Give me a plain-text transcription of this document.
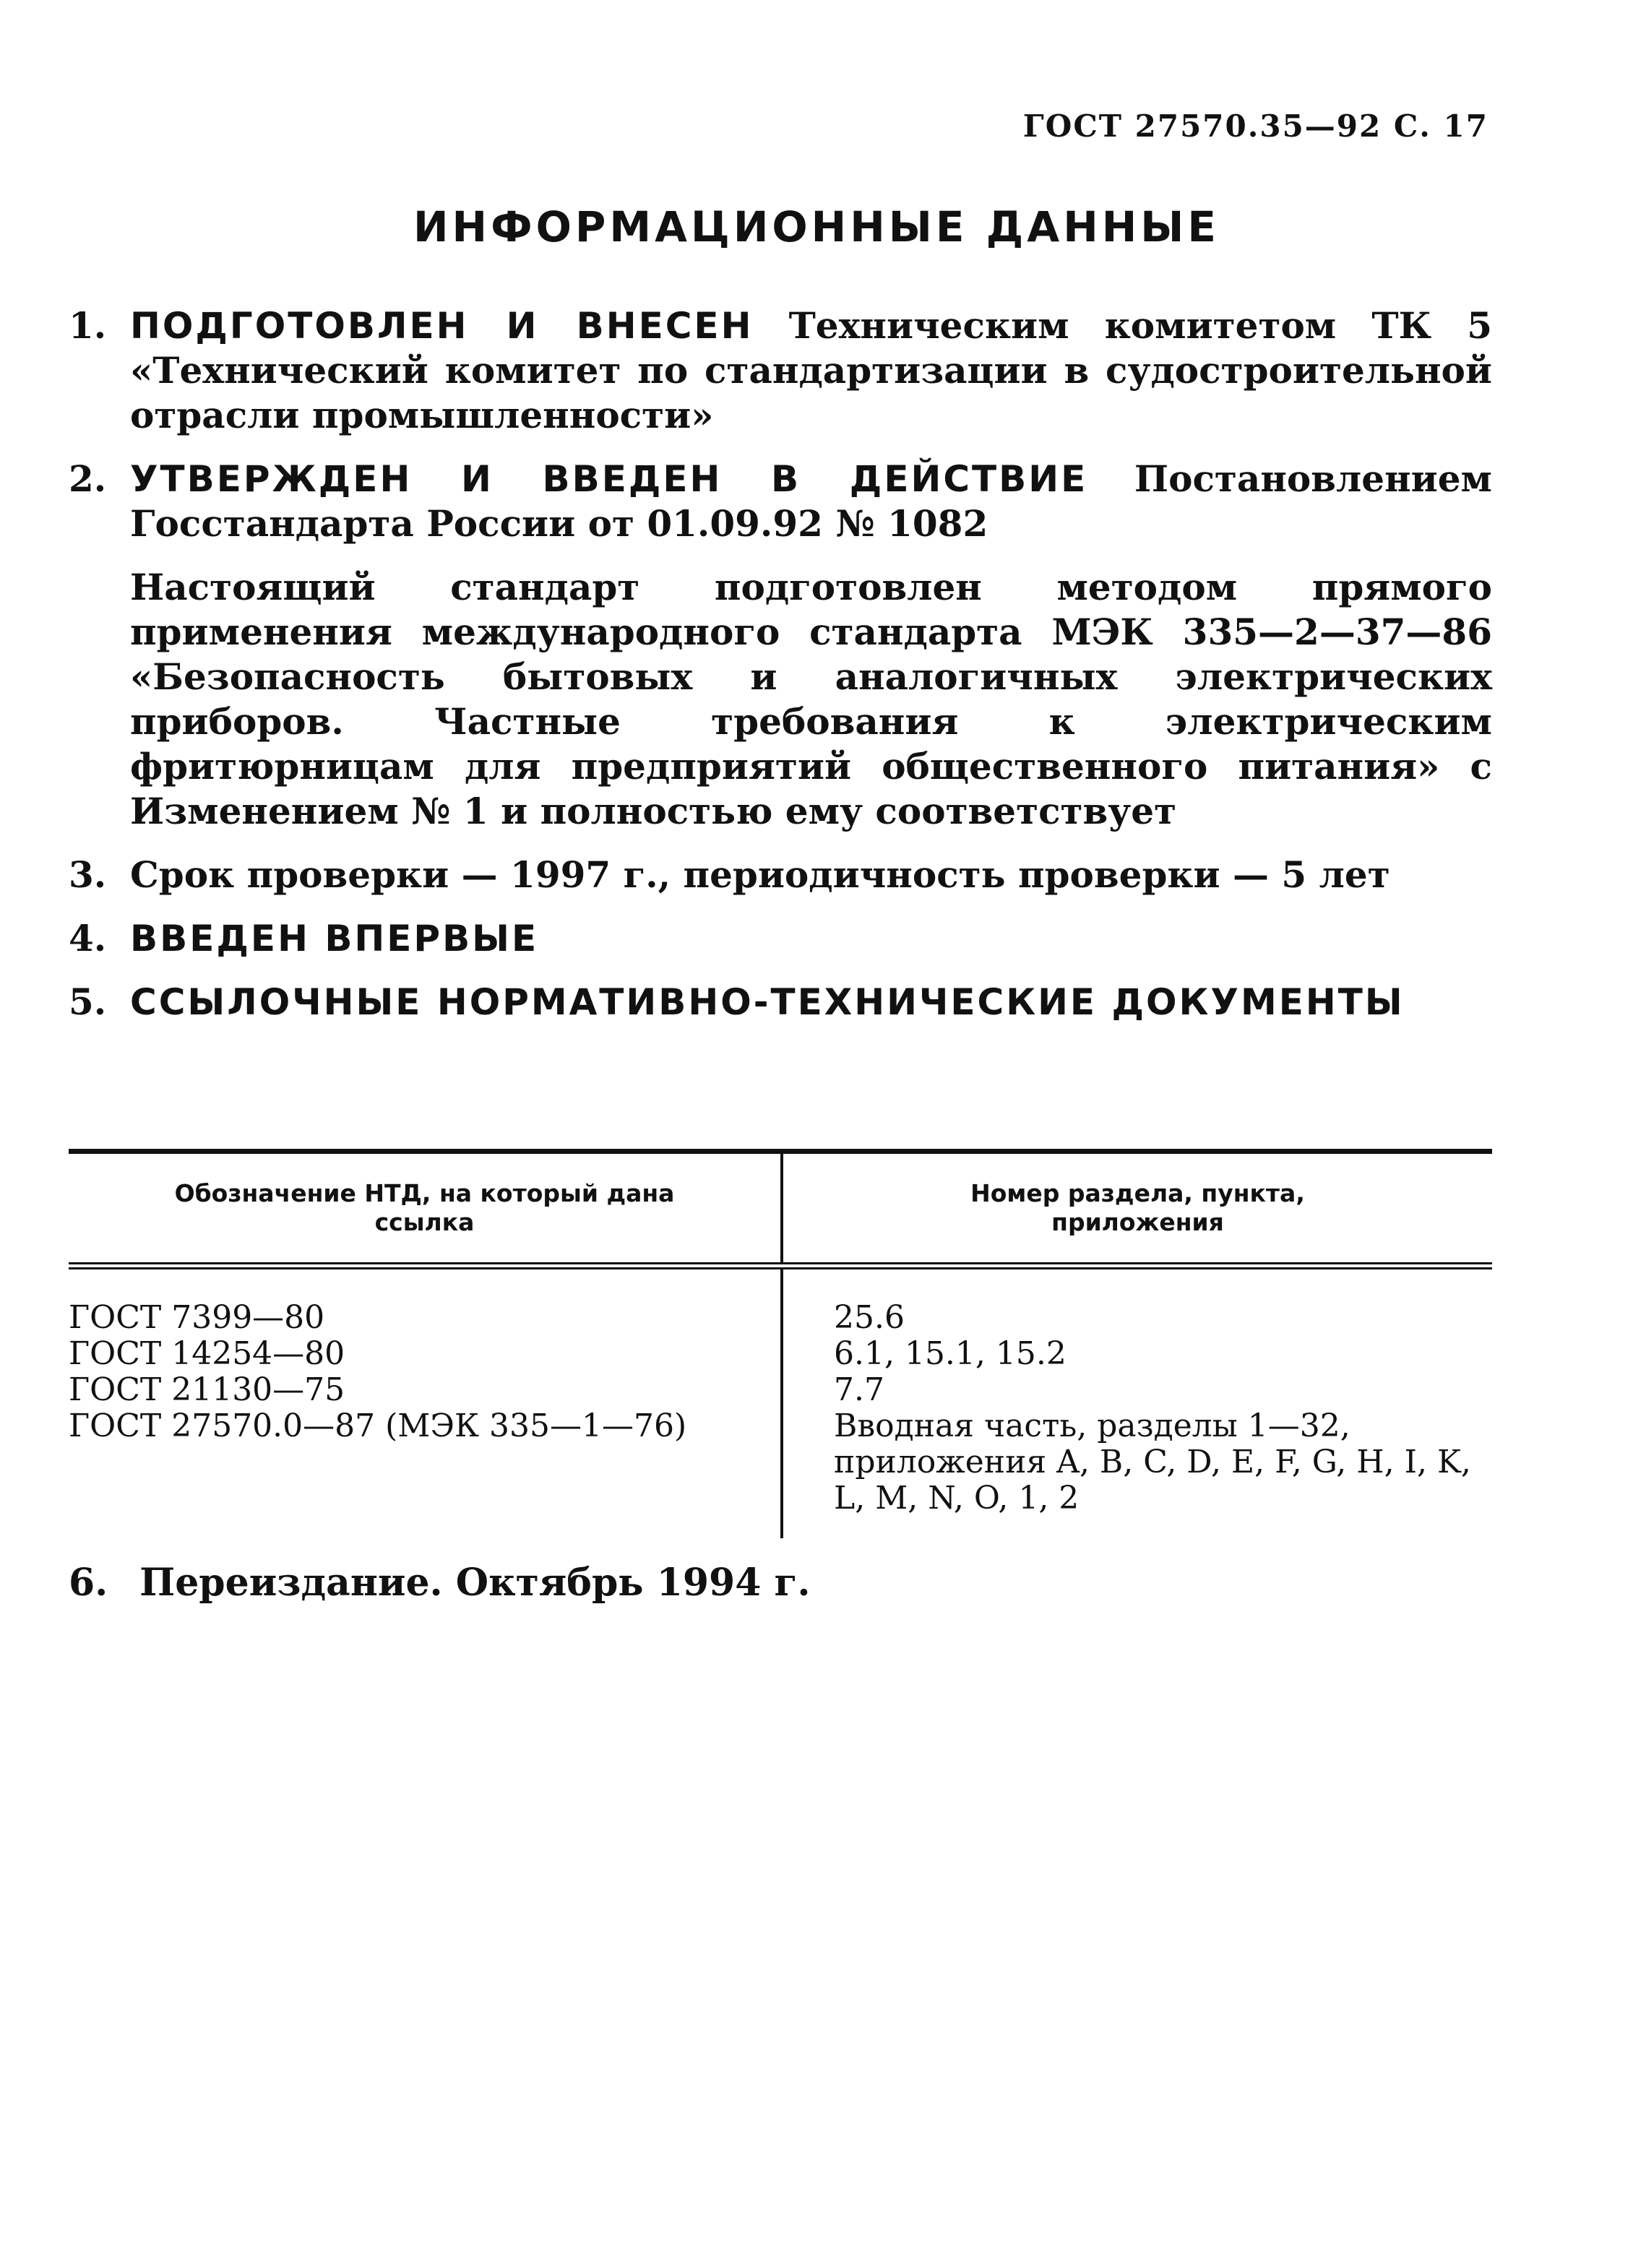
ГОСТ 27570.35—92 С. 17
ИНФОРМАЦИОННЫЕ ДАННЫЕ
1. ПОДГОТОВЛЕН И ВНЕСЕН Техническим комитетом ТК 5 «Технический комитет по стандартизации в судостроительной отрасли промышленности»
2. УТВЕРЖДЕН И ВВЕДЕН В ДЕЙСТВИЕ Постановлением Госстандарта России от 01.09.92 № 1082
Настоящий стандарт подготовлен методом прямого применения международного стандарта МЭК 335—2—37—86 «Безопасность бытовых и аналогичных электрических приборов. Частные требования к электрическим фритюрницам для предприятий общественного питания» с Изменением № 1 и полностью ему соответствует
3. Срок проверки — 1997 г., периодичность проверки — 5 лет
4. ВВЕДЕН ВПЕРВЫЕ
5. ССЫЛОЧНЫЕ НОРМАТИВНО-ТЕХНИЧЕСКИЕ ДОКУМЕНТЫ
Обозначение НТД, на который дана ссылка
Номер раздела, пункта, приложения
ГОСТ 7399—80
ГОСТ 14254—80
ГОСТ 21130—75
ГОСТ 27570.0—87 (МЭК 335—1—76)
25.6
6.1, 15.1, 15.2
7.7
Вводная часть, разделы 1—32, приложения A, B, C, D, E, F, G, H, I, K, L, M, N, O, 1, 2
6. Переиздание. Октябрь 1994 г.
